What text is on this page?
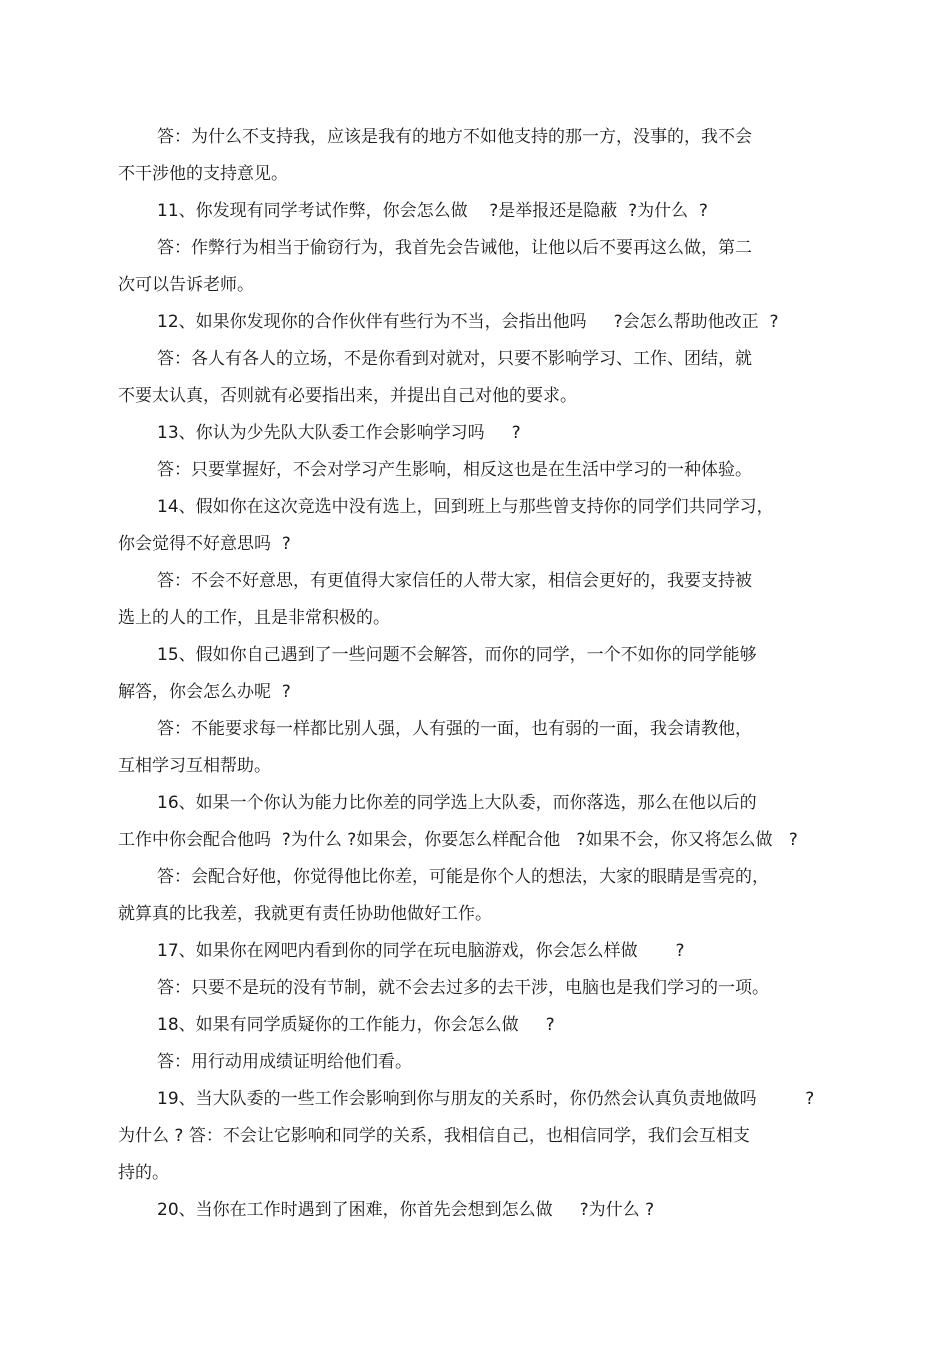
答：为什么不支持我，应该是我有的地方不如他支持的那一方，没事的，我不会

不干涉他的支持意见。

11、你发现有同学考试作弊，你会怎么做    ?是举报还是隐蔽  ?为什么  ?

答：作弊行为相当于偷窃行为，我首先会告诫他，让他以后不要再这么做，第二

次可以告诉老师。

12、如果你发现你的合作伙伴有些行为不当，会指出他吗     ?会怎么帮助他改正  ?

答：各人有各人的立场，不是你看到对就对，只要不影响学习、工作、团结，就

不要太认真，否则就有必要指出来，并提出自己对他的要求。

13、你认为少先队大队委工作会影响学习吗     ?

答：只要掌握好，不会对学习产生影响，相反这也是在生活中学习的一种体验。

14、假如你在这次竞选中没有选上，回到班上与那些曾支持你的同学们共同学习，

你会觉得不好意思吗  ?

答：不会不好意思，有更值得大家信任的人带大家，相信会更好的，我要支持被

选上的人的工作，且是非常积极的。

15、假如你自己遇到了一些问题不会解答，而你的同学，一个不如你的同学能够

解答，你会怎么办呢  ?

答：不能要求每一样都比别人强，人有强的一面，也有弱的一面，我会请教他，

互相学习互相帮助。

16、如果一个你认为能力比你差的同学选上大队委，而你落选，那么在他以后的

工作中你会配合他吗  ?为什么 ?如果会，你要怎么样配合他   ?如果不会，你又将怎么做   ?

答：会配合好他，你觉得他比你差，可能是你个人的想法，大家的眼睛是雪亮的，

就算真的比我差，我就更有责任协助他做好工作。

17、如果你在网吧内看到你的同学在玩电脑游戏，你会怎么样做       ?

答：只要不是玩的没有节制，就不会去过多的去干涉，电脑也是我们学习的一项。

18、如果有同学质疑你的工作能力，你会怎么做     ?

答：用行动用成绩证明给他们看。

19、当大队委的一些工作会影响到你与朋友的关系时，你仍然会认真负责地做吗         ?

为什么 ? 答：不会让它影响和同学的关系，我相信自己，也相信同学，我们会互相支

持的。

20、当你在工作时遇到了困难，你首先会想到怎么做     ?为什么 ?
